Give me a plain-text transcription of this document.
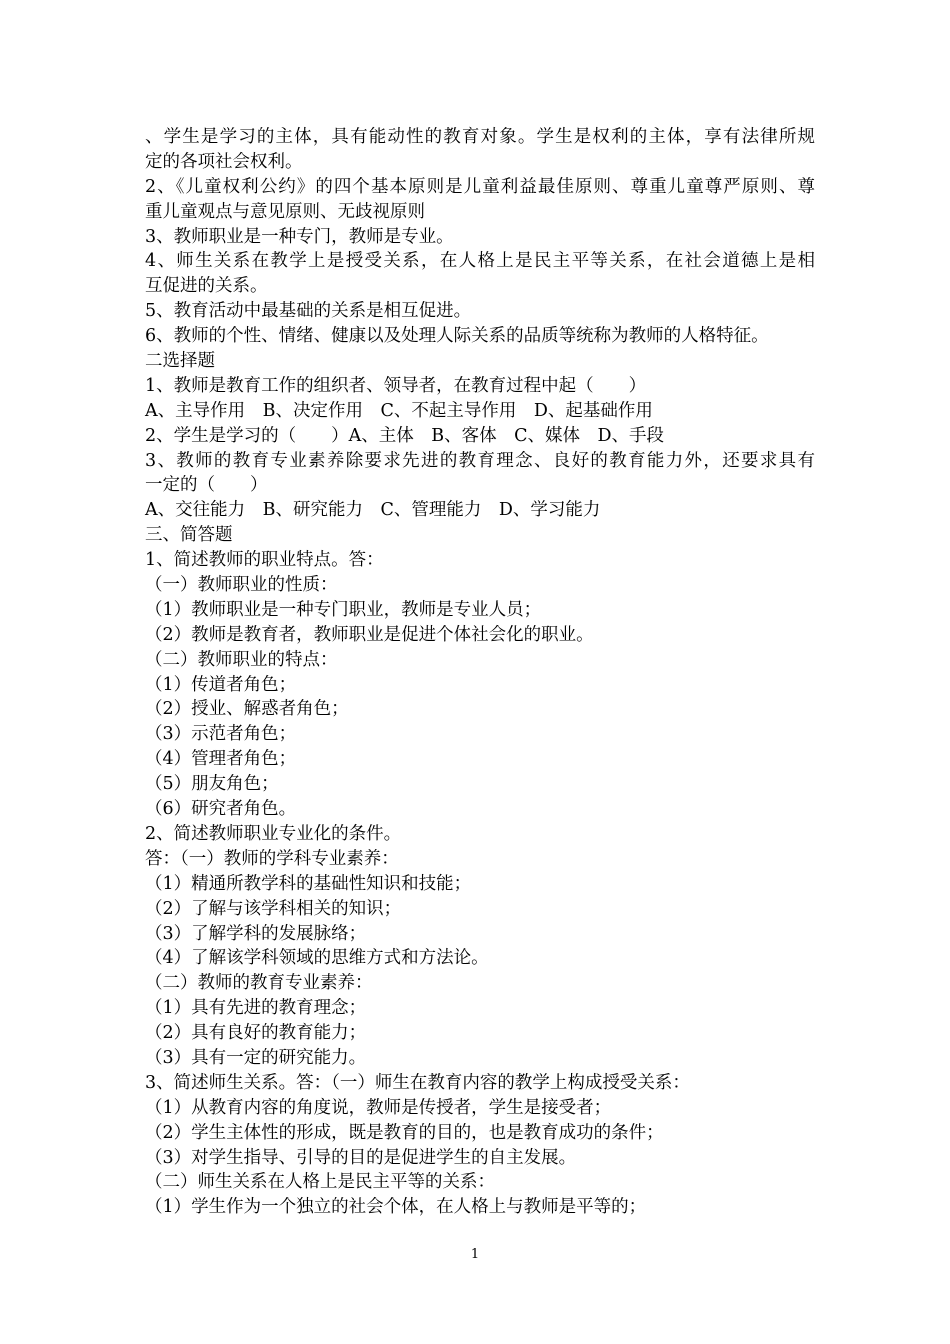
、学生是学习的主体，具有能动性的教育对象。学生是权利的主体，享有法律所规
定的各项社会权利。
2、《儿童权利公约》的四个基本原则是儿童利益最佳原则、尊重儿童尊严原则、尊
重儿童观点与意见原则、无歧视原则
3、教师职业是一种专门，教师是专业。
4、师生关系在教学上是授受关系，在人格上是民主平等关系，在社会道德上是相
互促进的关系。
5、教育活动中最基础的关系是相互促进。
6、教师的个性、情绪、健康以及处理人际关系的品质等统称为教师的人格特征。
二选择题
1、教师是教育工作的组织者、领导者，在教育过程中起（　　）
A、主导作用　B、决定作用　C、不起主导作用　D、起基础作用
2、学生是学习的（　　）A、主体　B、客体　C、媒体　D、手段
3、教师的教育专业素养除要求先进的教育理念、良好的教育能力外，还要求具有
一定的（　　）
A、交往能力　B、研究能力　C、管理能力　D、学习能力
三、简答题
1、简述教师的职业特点。答：
（一）教师职业的性质：
（1）教师职业是一种专门职业，教师是专业人员；
（2）教师是教育者，教师职业是促进个体社会化的职业。
（二）教师职业的特点：
（1）传道者角色；
（2）授业、解惑者角色；
（3）示范者角色；
（4）管理者角色；
（5）朋友角色；
（6）研究者角色。
2、简述教师职业专业化的条件。
答：（一）教师的学科专业素养：
（1）精通所教学科的基础性知识和技能；
（2）了解与该学科相关的知识；
（3）了解学科的发展脉络；
（4）了解该学科领域的思维方式和方法论。
（二）教师的教育专业素养：
（1）具有先进的教育理念；
（2）具有良好的教育能力；
（3）具有一定的研究能力。
3、简述师生关系。答：（一）师生在教育内容的教学上构成授受关系：
（1）从教育内容的角度说，教师是传授者，学生是接受者；
（2）学生主体性的形成，既是教育的目的，也是教育成功的条件；
（3）对学生指导、引导的目的是促进学生的自主发展。
（二）师生关系在人格上是民主平等的关系：
（1）学生作为一个独立的社会个体，在人格上与教师是平等的；
1
